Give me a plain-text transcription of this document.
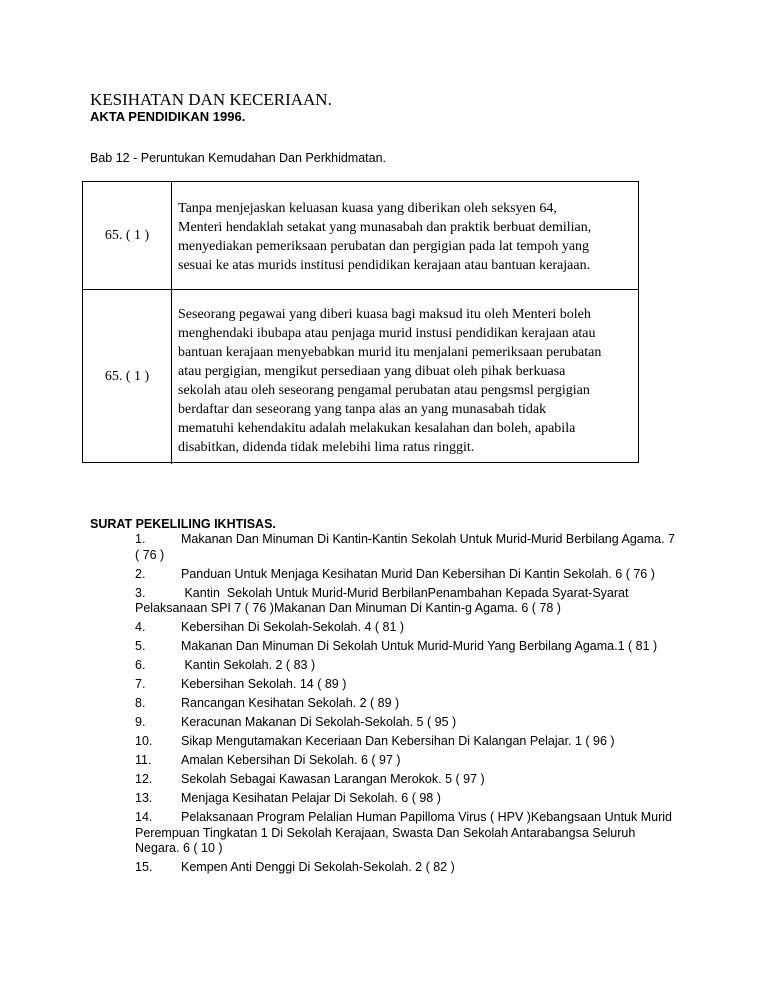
KESIHATAN DAN KECERIAAN.
AKTA PENDIDIKAN 1996.
Bab 12 - Peruntukan Kemudahan Dan Perkhidmatan.
65. ( 1 )
Tanpa menjejaskan keluasan kuasa yang diberikan oleh seksyen 64,
Menteri hendaklah setakat yang munasabah dan praktik berbuat demilian,
menyediakan pemeriksaan perubatan dan pergigian pada lat tempoh yang
sesuai ke atas murids institusi pendidikan kerajaan atau bantuan kerajaan.
65. ( 1 )
Seseorang pegawai yang diberi kuasa bagi maksud itu oleh Menteri boleh
menghendaki ibubapa atau penjaga murid instusi pendidikan kerajaan atau
bantuan kerajaan menyebabkan murid itu menjalani pemeriksaan perubatan
atau pergigian, mengikut persediaan yang dibuat oleh pihak berkuasa
sekolah atau oleh seseorang pengamal perubatan atau pengsmsl pergigian
berdaftar dan seseorang yang tanpa alas an yang munasabah tidak
mematuhi kehendakitu adalah melakukan kesalahan dan boleh, apabila
disabitkan, didenda tidak melebihi lima ratus ringgit.
SURAT PEKELILING IKHTISAS.
1.	Makanan Dan Minuman Di Kantin-Kantin Sekolah Untuk Murid-Murid Berbilang Agama. 7
( 76 )
2.	Panduan Untuk Menjaga Kesihatan Murid Dan Kebersihan Di Kantin Sekolah. 6 ( 76 )
3.	Kantin  Sekolah Untuk Murid-Murid BerbilanPenambahan Kepada Syarat-Syarat
Pelaksanaan SPI 7 ( 76 )Makanan Dan Minuman Di Kantin-g Agama. 6 ( 78 )
4.	Kebersihan Di Sekolah-Sekolah. 4 ( 81 )
5.	Makanan Dan Minuman Di Sekolah Untuk Murid-Murid Yang Berbilang Agama.1 ( 81 )
6.	Kantin Sekolah. 2 ( 83 )
7.	Kebersihan Sekolah. 14 ( 89 )
8.	Rancangan Kesihatan Sekolah. 2 ( 89 )
9.	Keracunan Makanan Di Sekolah-Sekolah. 5 ( 95 )
10. Sikap Mengutamakan Keceriaan Dan Kebersihan Di Kalangan Pelajar. 1 ( 96 )
11. Amalan Kebersihan Di Sekolah. 6 ( 97 )
12. Sekolah Sebagai Kawasan Larangan Merokok. 5 ( 97 )
13. Menjaga Kesihatan Pelajar Di Sekolah. 6 ( 98 )
14. Pelaksanaan Program Pelalian Human Papilloma Virus ( HPV )Kebangsaan Untuk Murid
Perempuan Tingkatan 1 Di Sekolah Kerajaan, Swasta Dan Sekolah Antarabangsa Seluruh
Negara. 6 ( 10 )
15. Kempen Anti Denggi Di Sekolah-Sekolah. 2 ( 82 )
